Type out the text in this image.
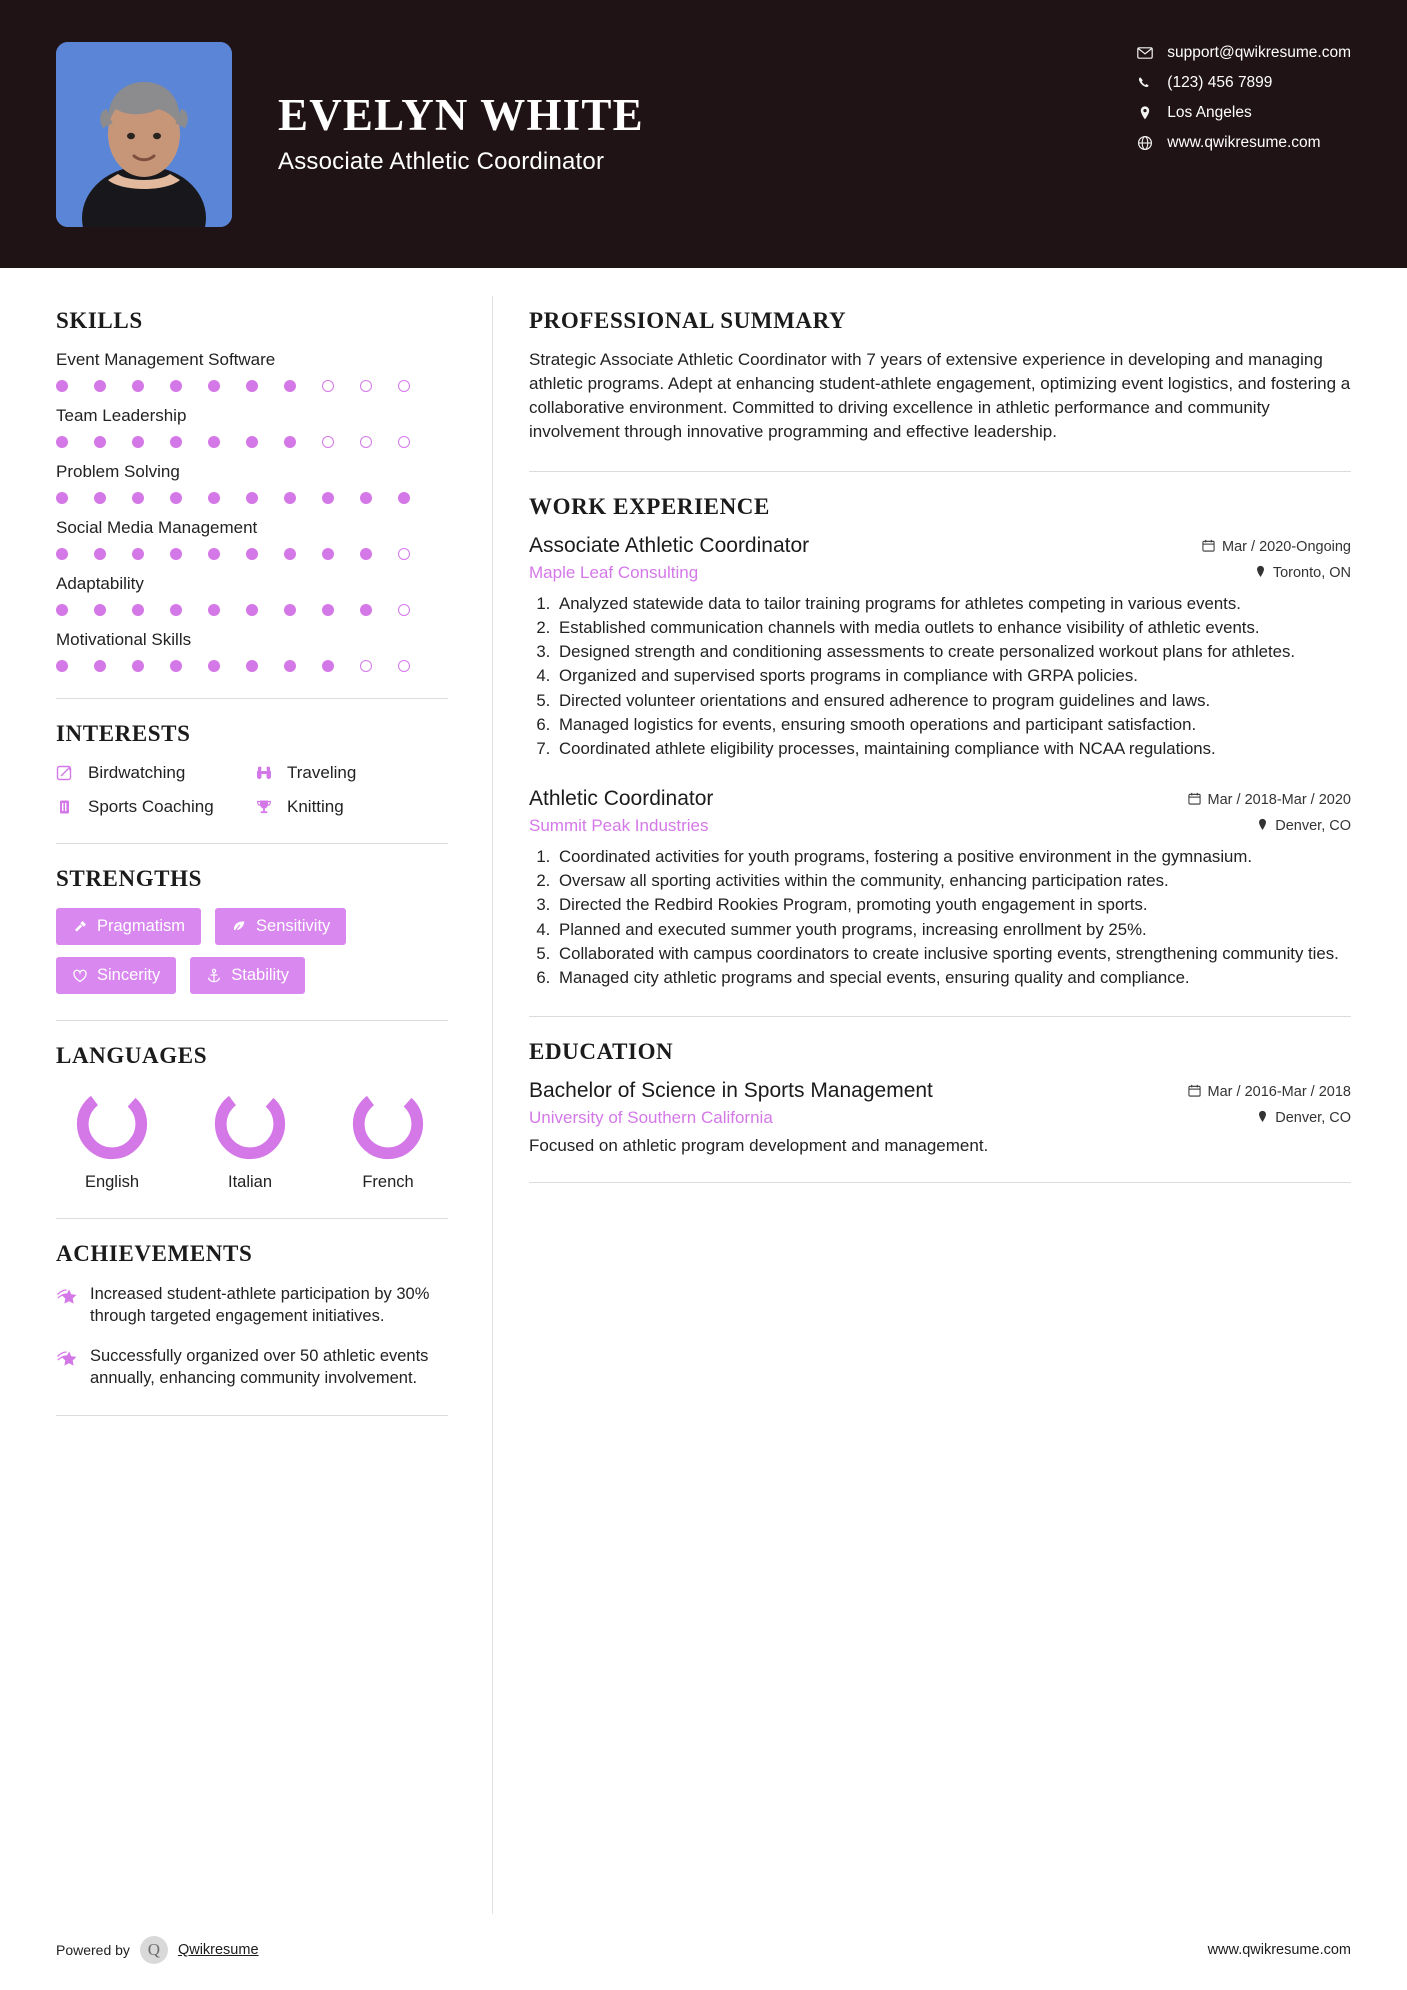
EVELYN WHITE
Associate Athletic Coordinator
support@qwikresume.com
(123) 456 7899
Los Angeles
www.qwikresume.com
SKILLS
Event Management Software
Team Leadership
Problem Solving
Social Media Management
Adaptability
Motivational Skills
INTERESTS
Birdwatching	Traveling
Sports Coaching	Knitting
STRENGTHS
Pragmatism	Sensitivity
Sincerity	Stability
LANGUAGES
English	Italian	French
ACHIEVEMENTS
Increased student-athlete participation by 30% through targeted engagement initiatives.
Successfully organized over 50 athletic events annually, enhancing community involvement.
PROFESSIONAL SUMMARY
Strategic Associate Athletic Coordinator with 7 years of extensive experience in developing and managing athletic programs. Adept at enhancing student-athlete engagement, optimizing event logistics, and fostering a collaborative environment. Committed to driving excellence in athletic performance and community involvement through innovative programming and effective leadership.
WORK EXPERIENCE
Associate Athletic Coordinator	Mar / 2020-Ongoing
Maple Leaf Consulting	Toronto, ON
1. Analyzed statewide data to tailor training programs for athletes competing in various events.
2. Established communication channels with media outlets to enhance visibility of athletic events.
3. Designed strength and conditioning assessments to create personalized workout plans for athletes.
4. Organized and supervised sports programs in compliance with GRPA policies.
5. Directed volunteer orientations and ensured adherence to program guidelines and laws.
6. Managed logistics for events, ensuring smooth operations and participant satisfaction.
7. Coordinated athlete eligibility processes, maintaining compliance with NCAA regulations.
Athletic Coordinator	Mar / 2018-Mar / 2020
Summit Peak Industries	Denver, CO
1. Coordinated activities for youth programs, fostering a positive environment in the gymnasium.
2. Oversaw all sporting activities within the community, enhancing participation rates.
3. Directed the Redbird Rookies Program, promoting youth engagement in sports.
4. Planned and executed summer youth programs, increasing enrollment by 25%.
5. Collaborated with campus coordinators to create inclusive sporting events, strengthening community ties.
6. Managed city athletic programs and special events, ensuring quality and compliance.
EDUCATION
Bachelor of Science in Sports Management	Mar / 2016-Mar / 2018
University of Southern California	Denver, CO
Focused on athletic program development and management.
Powered by	Q	Qwikresume	www.qwikresume.com
